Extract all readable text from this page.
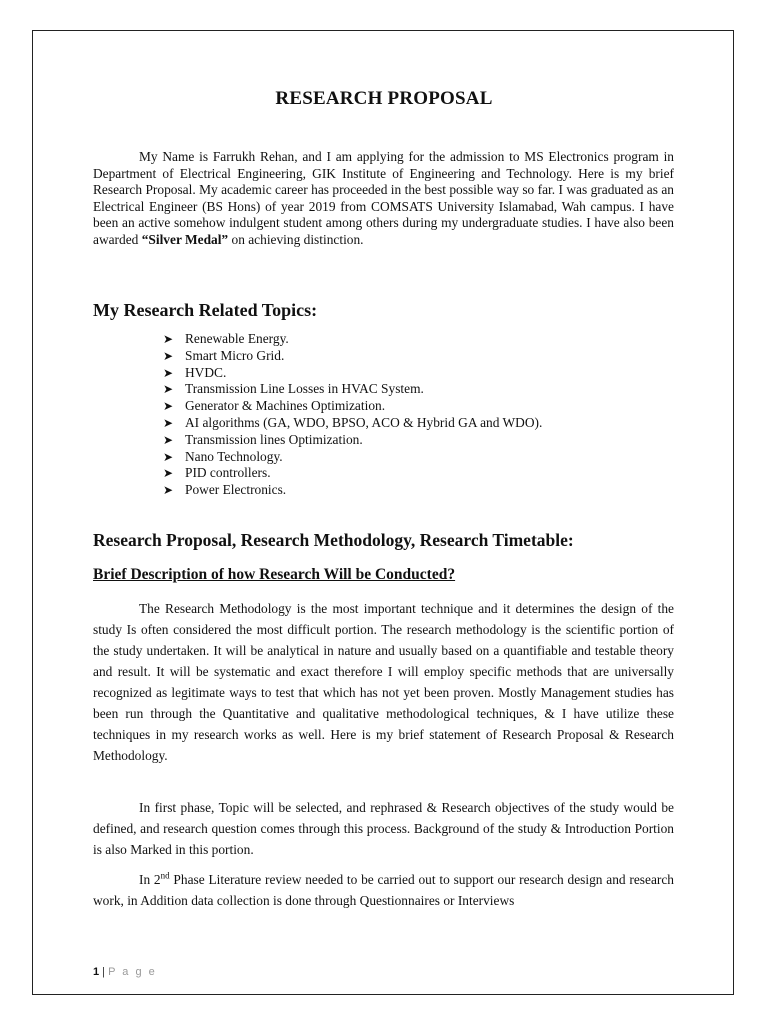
RESEARCH PROPOSAL
My Name is Farrukh Rehan, and I am applying for the admission to MS Electronics program in Department of Electrical Engineering, GIK Institute of Engineering and Technology. Here is my brief Research Proposal. My academic career has proceeded in the best possible way so far. I was graduated as an Electrical Engineer (BS Hons) of year 2019 from COMSATS University Islamabad, Wah campus. I have been an active somehow indulgent student among others during my undergraduate studies. I have also been awarded “Silver Medal” on achieving distinction.
My Research Related Topics:
➤ Renewable Energy.
➤ Smart Micro Grid.
➤ HVDC.
➤ Transmission Line Losses in HVAC System.
➤ Generator & Machines Optimization.
➤ AI algorithms (GA, WDO, BPSO, ACO & Hybrid GA and WDO).
➤ Transmission lines Optimization.
➤ Nano Technology.
➤ PID controllers.
➤ Power Electronics.
Research Proposal, Research Methodology, Research Timetable:
Brief Description of how Research Will be Conducted?
The Research Methodology is the most important technique and it determines the design of the study Is often considered the most difficult portion. The research methodology is the scientific portion of the study undertaken. It will be analytical in nature and usually based on a quantifiable and testable theory and result. It will be systematic and exact therefore I will employ specific methods that are universally recognized as legitimate ways to test that which has not yet been proven. Mostly Management studies has been run through the Quantitative and qualitative methodological techniques, & I have utilize these techniques in my research works as well. Here is my brief statement of Research Proposal & Research Methodology.
In first phase, Topic will be selected, and rephrased & Research objectives of the study would be defined, and research question comes through this process. Background of the study & Introduction Portion is also Marked in this portion.
In 2nd Phase Literature review needed to be carried out to support our research design and research work, in Addition data collection is done through Questionnaires or Interviews
1 | P a g e
